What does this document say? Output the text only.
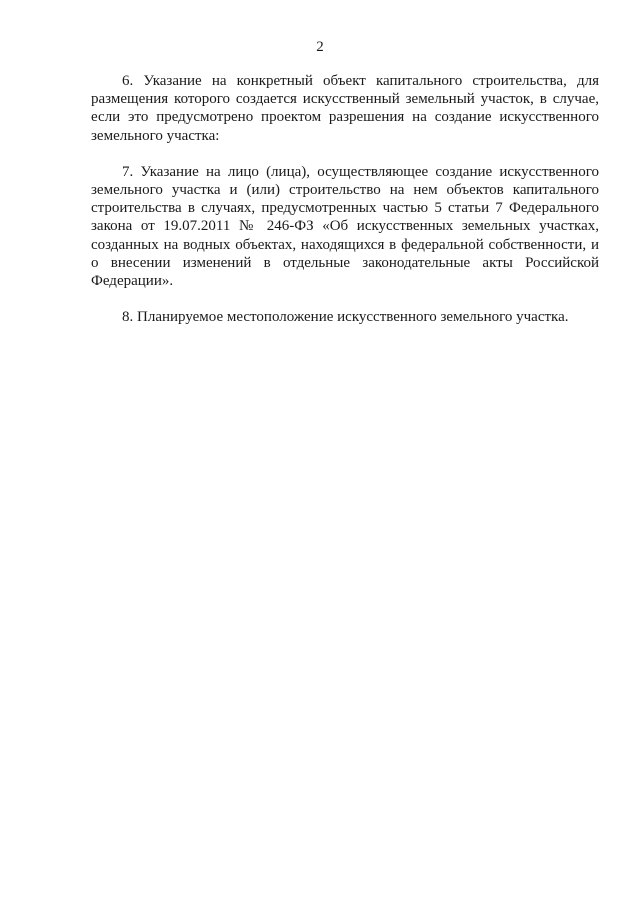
2

6. Указание на конкретный объект капитального строительства, для размещения которого создается искусственный земельный участок, в случае, если это предусмотрено проектом разрешения на создание искусственного земельного участка:

7. Указание на лицо (лица), осуществляющее создание искусственного земельного участка и (или) строительство на нем объектов капитального строительства в случаях, предусмотренных частью 5 статьи 7 Федерального закона от 19.07.2011 № 246-ФЗ «Об искусственных земельных участках, созданных на водных объектах, находящихся в федеральной собственности, и о внесении изменений в отдельные законодательные акты Российской Федерации».

8. Планируемое местоположение искусственного земельного участка.
